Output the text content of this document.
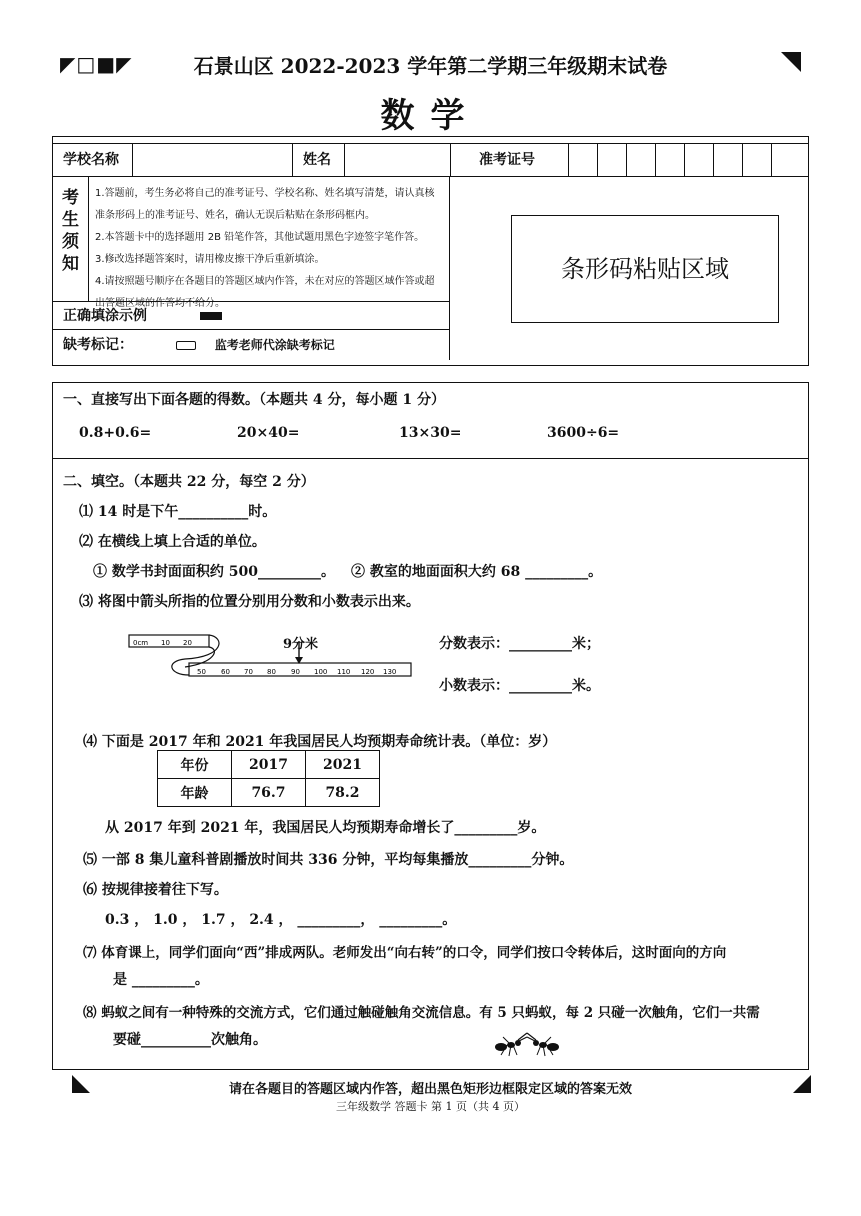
◤□■◤	石景山区 2022-2023 学年第二学期三年级期末试卷
数学
学校名称	姓名	准考证号
考
生
须
知
1.答题前，考生务必将自己的准考证号、学校名称、姓名填写清楚，请认真核
准条形码上的准考证号、姓名，确认无误后粘贴在条形码框内。
2.本答题卡中的选择题用 2B 铅笔作答，其他试题用黑色字迹签字笔作答。
3.修改选择题答案时，请用橡皮擦干净后重新填涂。
4.请按照题号顺序在各题目的答题区域内作答，未在对应的答题区域作答或超
出答题区域的作答均不给分。
正确填涂示例
缺考标记：	监考老师代涂缺考标记
条形码粘贴区域
一、直接写出下面各题的得数。（本题共 4 分，每小题 1 分）
0.8+0.6=	20×40=	13×30=	3600÷6=
二、填空。（本题共 22 分，每空 2 分）
⑴ 14 时是下午__________时。
⑵ 在横线上填上合适的单位。
① 数学书封面面积约 500_________。 ② 教室的地面面积大约 68 _________。
⑶ 将图中箭头所指的位置分别用分数和小数表示出来。
0cm 10 20
50 60 70 80 90 100 110 120 130
9分米	分数表示：_________米；
小数表示：_________米。
⑷ 下面是 2017 年和 2021 年我国居民人均预期寿命统计表。（单位：岁）
年份	2017	2021
年龄	76.7	78.2
从 2017 年到 2021 年，我国居民人均预期寿命增长了_________岁。
⑸ 一部 8 集儿童科普剧播放时间共 336 分钟，平均每集播放_________分钟。
⑹ 按规律接着往下写。
0.3 ， 1.0 ， 1.7 ， 2.4 ， _________， _________。
⑺ 体育课上，同学们面向“西”排成两队。老师发出“向右转”的口令，同学们按口令转体后，这时面向的方向
是 _________。
⑻ 蚂蚁之间有一种特殊的交流方式，它们通过触碰触角交流信息。有 5 只蚂蚁，每 2 只碰一次触角，它们一共需
要碰__________次触角。
请在各题目的答题区域内作答，超出黑色矩形边框限定区域的答案无效
三年级数学 答题卡 第 1 页（共 4 页）
